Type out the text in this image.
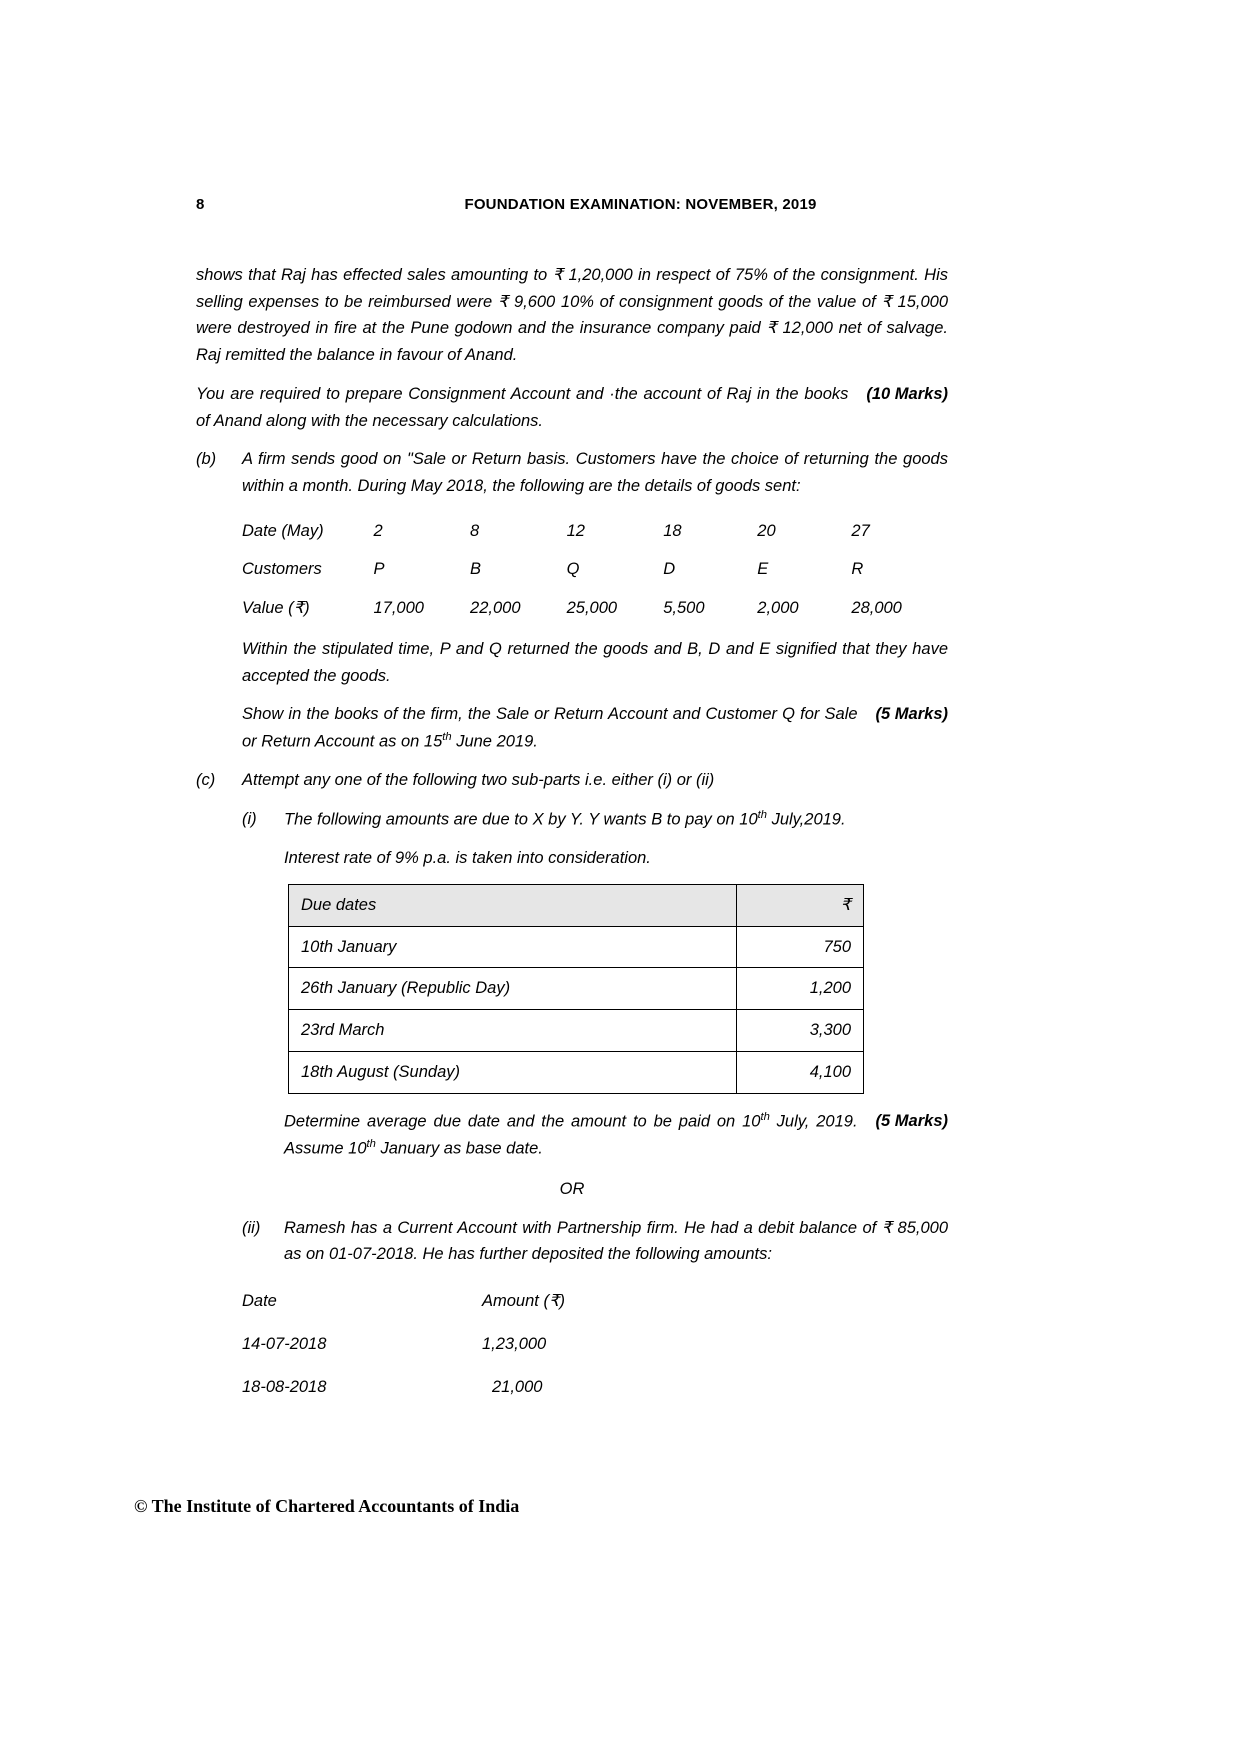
8	FOUNDATION EXAMINATION: NOVEMBER, 2019

shows that Raj has effected sales amounting to ₹ 1,20,000 in respect of 75% of the consignment. His selling expenses to be reimbursed were ₹ 9,600 10% of consignment goods of the value of ₹ 15,000 were destroyed in fire at the Pune godown and the insurance company paid ₹ 12,000 net of salvage. Raj remitted the balance in favour of Anand.

(10 Marks)
You are required to prepare Consignment Account and ·the account of Raj in the books of Anand along with the necessary calculations.

(b)	A firm sends good on "Sale or Return basis. Customers have the choice of returning the goods within a month. During May 2018, the following are the details of goods sent:
Date (May)	2	8	12	18	20	27
Customers	P	B	Q	D	E	R
Value (₹)	17,000	22,000	25,000	5,500	2,000	28,000
Within the stipulated time, P and Q returned the goods and B, D and E signified that they have accepted the goods.
(5 Marks)
Show in the books of the firm, the Sale or Return Account and Customer Q for Sale or Return Account as on 15th June 2019.
(c)	Attempt any one of the following two sub-parts i.e. either (i) or (ii)
(i)	The following amounts are due to X by Y. Y wants B to pay on 10th July,2019.
Interest rate of 9% p.a. is taken into consideration.
Due dates	₹
10th January	750
26th January (Republic Day)	1,200
23rd March	3,300
18th August (Sunday)	4,100
(5 Marks)
Determine average due date and the amount to be paid on 10th July, 2019. Assume 10th January as base date.
OR
(ii)	Ramesh has a Current Account with Partnership firm. He had a debit balance of ₹ 85,000 as on 01-07-2018. He has further deposited the following amounts:
Date	Amount (₹)
14-07-2018	1,23,000
18-08-2018	21,000
© The Institute of Chartered Accountants of India
